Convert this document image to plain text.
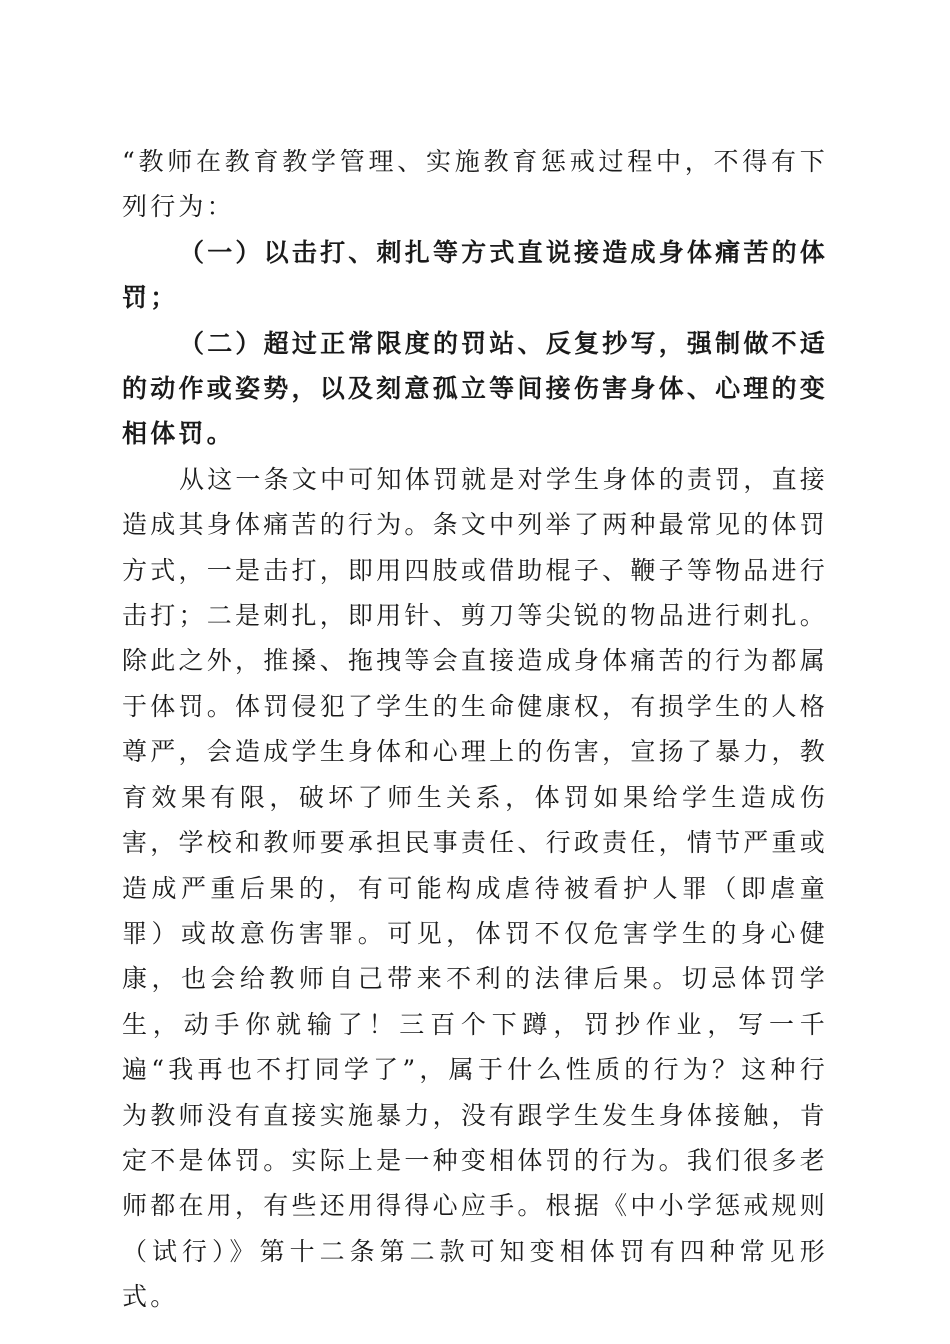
“教师在教育教学管理、实施教育惩戒过程中，不得有下列行为：

（一）以击打、刺扎等方式直说接造成身体痛苦的体罚；

（二）超过正常限度的罚站、反复抄写，强制做不适的动作或姿势，以及刻意孤立等间接伤害身体、心理的变相体罚。

从这一条文中可知体罚就是对学生身体的责罚，直接造成其身体痛苦的行为。条文中列举了两种最常见的体罚方式，一是击打，即用四肢或借助棍子、鞭子等物品进行击打；二是刺扎，即用针、剪刀等尖锐的物品进行刺扎。除此之外，推搡、拖拽等会直接造成身体痛苦的行为都属于体罚。体罚侵犯了学生的生命健康权，有损学生的人格尊严，会造成学生身体和心理上的伤害，宣扬了暴力，教育效果有限，破坏了师生关系，体罚如果给学生造成伤害，学校和教师要承担民事责任、行政责任，情节严重或造成严重后果的，有可能构成虐待被看护人罪（即虐童罪）或故意伤害罪。可见，体罚不仅危害学生的身心健康，也会给教师自己带来不利的法律后果。切忌体罚学生，动手你就输了！三百个下蹲，罚抄作业，写一千遍“我再也不打同学了”，属于什么性质的行为？这种行为教师没有直接实施暴力，没有跟学生发生身体接触，肯定不是体罚。实际上是一种变相体罚的行为。我们很多老师都在用，有些还用得得心应手。根据《中小学惩戒规则（试行）》第十二条第二款可知变相体罚有四种常见形式。
